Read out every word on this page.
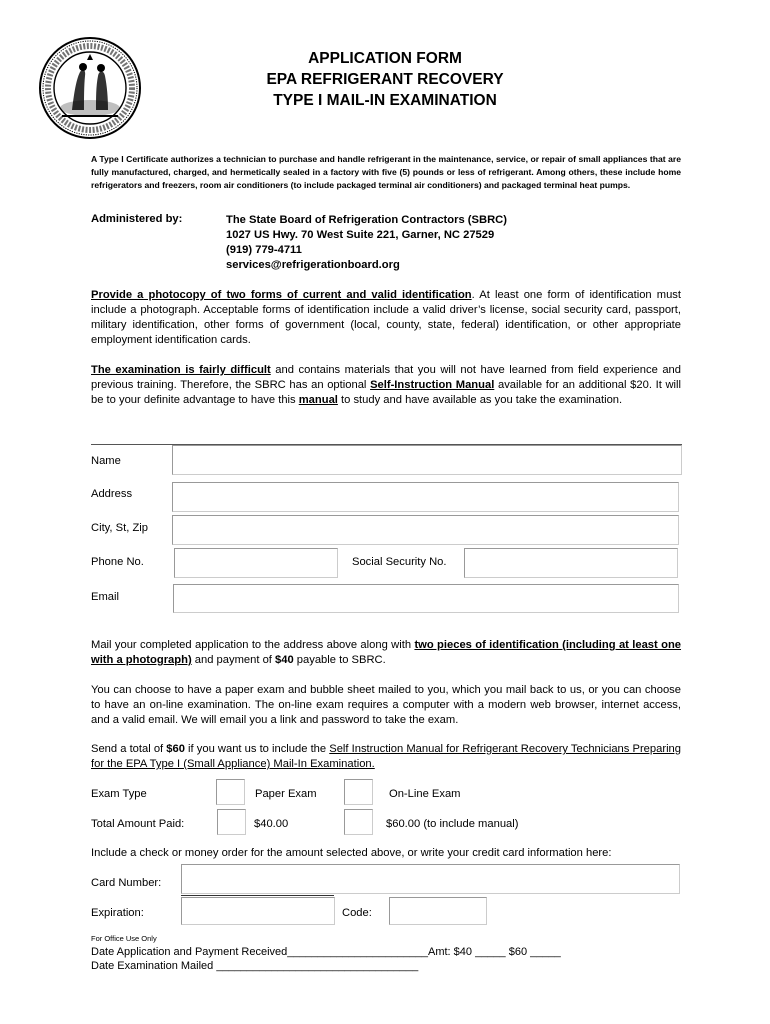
APPLICATION FORM
EPA REFRIGERANT RECOVERY
TYPE I MAIL-IN EXAMINATION
A Type I Certificate authorizes a technician to purchase and handle refrigerant in the maintenance, service, or repair of small appliances that are fully manufactured, charged, and hermetically sealed in a factory with five (5) pounds or less of refrigerant. Among others, these include home refrigerators and freezers, room air conditioners (to include packaged terminal air conditioners) and packaged terminal heat pumps.
Administered by:	The State Board of Refrigeration Contractors (SBRC)
1027 US Hwy. 70 West Suite 221, Garner, NC 27529
(919) 779-4711
services@refrigerationboard.org
Provide a photocopy of two forms of current and valid identification. At least one form of identification must include a photograph. Acceptable forms of identification include a valid driver’s license, social security card, passport, military identification, other forms of government (local, county, state, federal) identification, or other appropriate employment identification cards.
The examination is fairly difficult and contains materials that you will not have learned from field experience and previous training. Therefore, the SBRC has an optional Self-Instruction Manual available for an additional $20. It will be to your definite advantage to have this manual to study and have available as you take the examination.
Name
Address
City, St, Zip
Phone No.	Social Security No.
Email
Mail your completed application to the address above along with two pieces of identification (including at least one with a photograph) and payment of $40 payable to SBRC.
You can choose to have a paper exam and bubble sheet mailed to you, which you mail back to us, or you can choose to have an on-line examination. The on-line exam requires a computer with a modern web browser, internet access, and a valid email. We will email you a link and password to take the exam.
Send a total of $60 if you want us to include the Self Instruction Manual for Refrigerant Recovery Technicians Preparing for the EPA Type I (Small Appliance) Mail-In Examination.
Exam Type	Paper Exam	On-Line Exam
Total Amount Paid:	$40.00	$60.00 (to include manual)
Include a check or money order for the amount selected above, or write your credit card information here:
Card Number:
Expiration:	Code:
For Office Use Only
Date Application and Payment Received_______________________Amt: $40 _____ $60 _____
Date Examination Mailed _________________________________
